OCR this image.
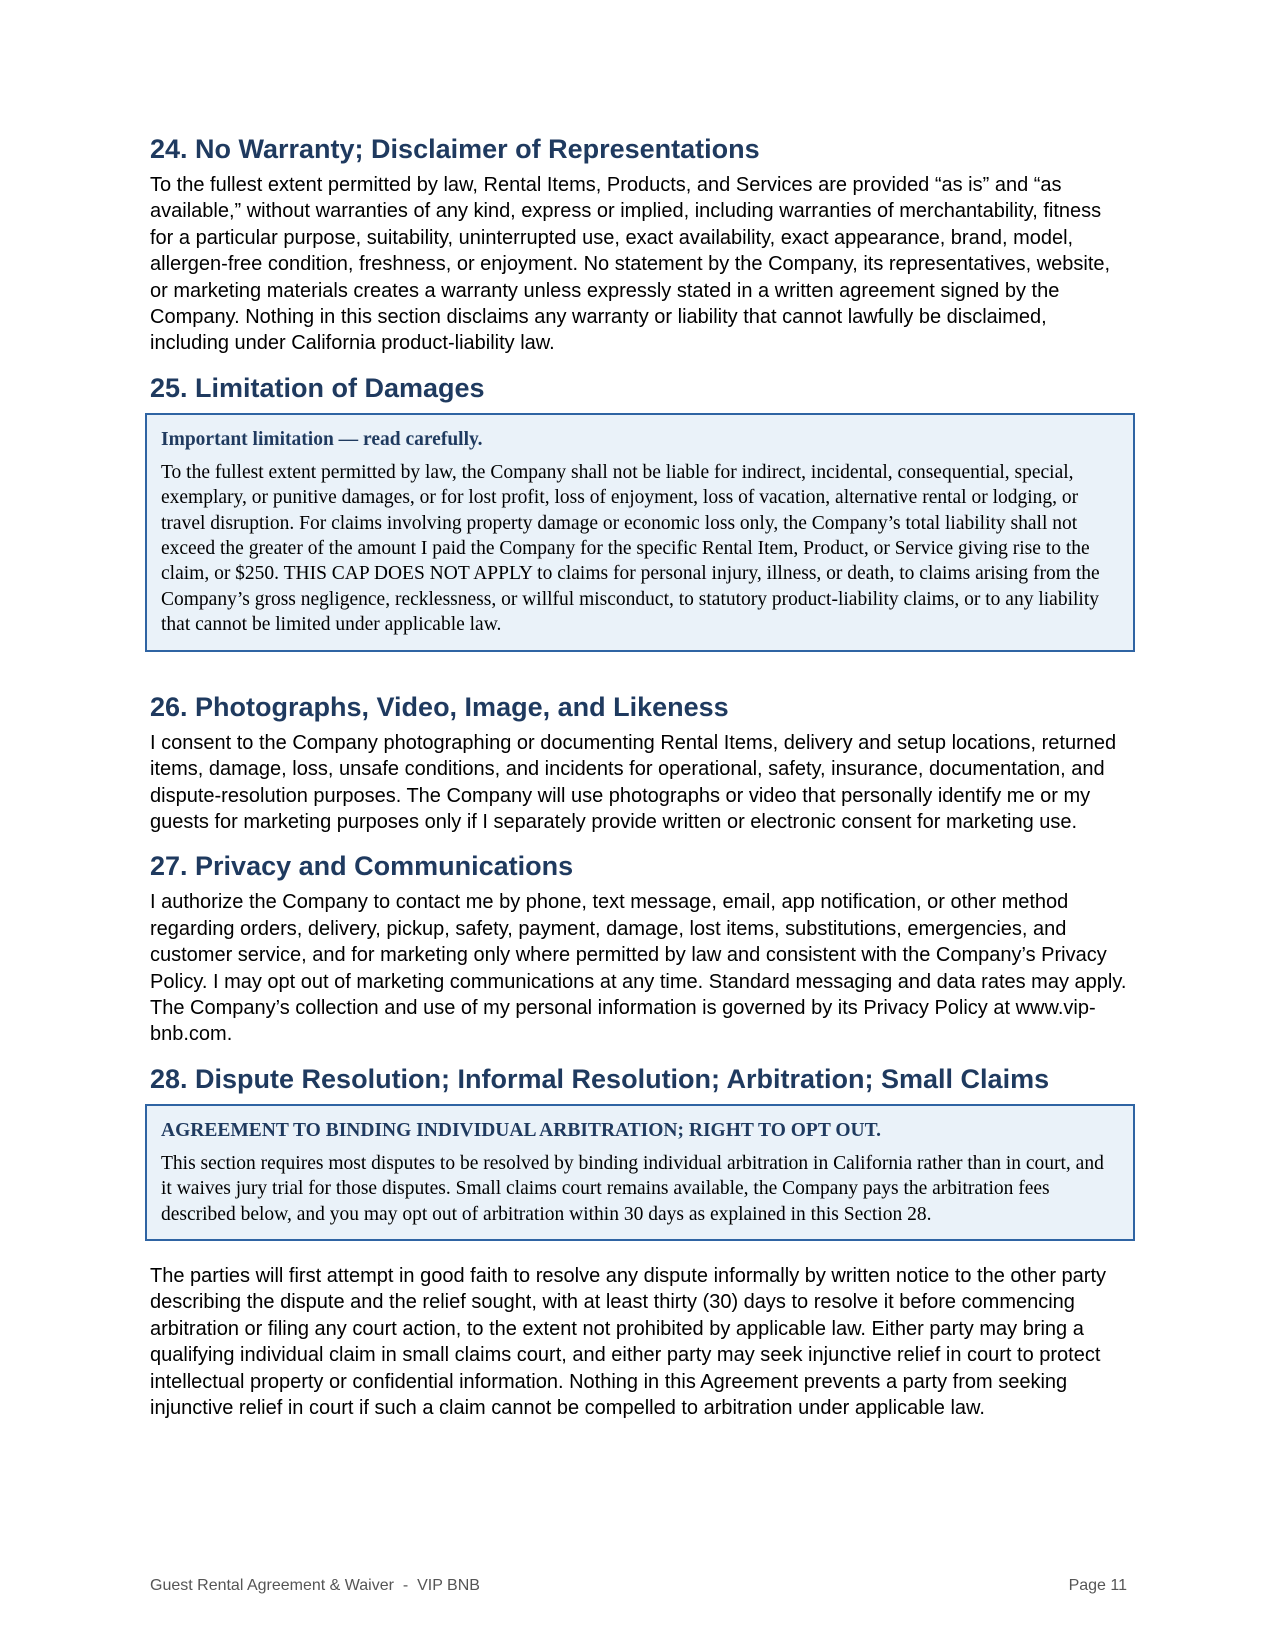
24. No Warranty; Disclaimer of Representations

To the fullest extent permitted by law, Rental Items, Products, and Services are provided “as is” and “as available,” without warranties of any kind, express or implied, including warranties of merchantability, fitness for a particular purpose, suitability, uninterrupted use, exact availability, exact appearance, brand, model, allergen-free condition, freshness, or enjoyment. No statement by the Company, its representatives, website, or marketing materials creates a warranty unless expressly stated in a written agreement signed by the Company. Nothing in this section disclaims any warranty or liability that cannot lawfully be disclaimed, including under California product-liability law.

25. Limitation of Damages
Important limitation — read carefully.

To the fullest extent permitted by law, the Company shall not be liable for indirect, incidental, consequential, special, exemplary, or punitive damages, or for lost profit, loss of enjoyment, loss of vacation, alternative rental or lodging, or travel disruption. For claims involving property damage or economic loss only, the Company’s total liability shall not exceed the greater of the amount I paid the Company for the specific Rental Item, Product, or Service giving rise to the claim, or $250. THIS CAP DOES NOT APPLY to claims for personal injury, illness, or death, to claims arising from the Company’s gross negligence, recklessness, or willful misconduct, to statutory product-liability claims, or to any liability that cannot be limited under applicable law.

26. Photographs, Video, Image, and Likeness

I consent to the Company photographing or documenting Rental Items, delivery and setup locations, returned items, damage, loss, unsafe conditions, and incidents for operational, safety, insurance, documentation, and dispute-resolution purposes. The Company will use photographs or video that personally identify me or my guests for marketing purposes only if I separately provide written or electronic consent for marketing use.

27. Privacy and Communications

I authorize the Company to contact me by phone, text message, email, app notification, or other method regarding orders, delivery, pickup, safety, payment, damage, lost items, substitutions, emergencies, and customer service, and for marketing only where permitted by law and consistent with the Company’s Privacy Policy. I may opt out of marketing communications at any time. Standard messaging and data rates may apply. The Company’s collection and use of my personal information is governed by its Privacy Policy at www.vip-bnb.com.

28. Dispute Resolution; Informal Resolution; Arbitration; Small Claims
AGREEMENT TO BINDING INDIVIDUAL ARBITRATION; RIGHT TO OPT OUT.

This section requires most disputes to be resolved by binding individual arbitration in California rather than in court, and it waives jury trial for those disputes. Small claims court remains available, the Company pays the arbitration fees described below, and you may opt out of arbitration within 30 days as explained in this Section 28.

The parties will first attempt in good faith to resolve any dispute informally by written notice to the other party describing the dispute and the relief sought, with at least thirty (30) days to resolve it before commencing arbitration or filing any court action, to the extent not prohibited by applicable law. Either party may bring a qualifying individual claim in small claims court, and either party may seek injunctive relief in court to protect intellectual property or confidential information. Nothing in this Agreement prevents a party from seeking injunctive relief in court if such a claim cannot be compelled to arbitration under applicable law.

Guest Rental Agreement & Waiver  -  VIP BNB	Page 11
